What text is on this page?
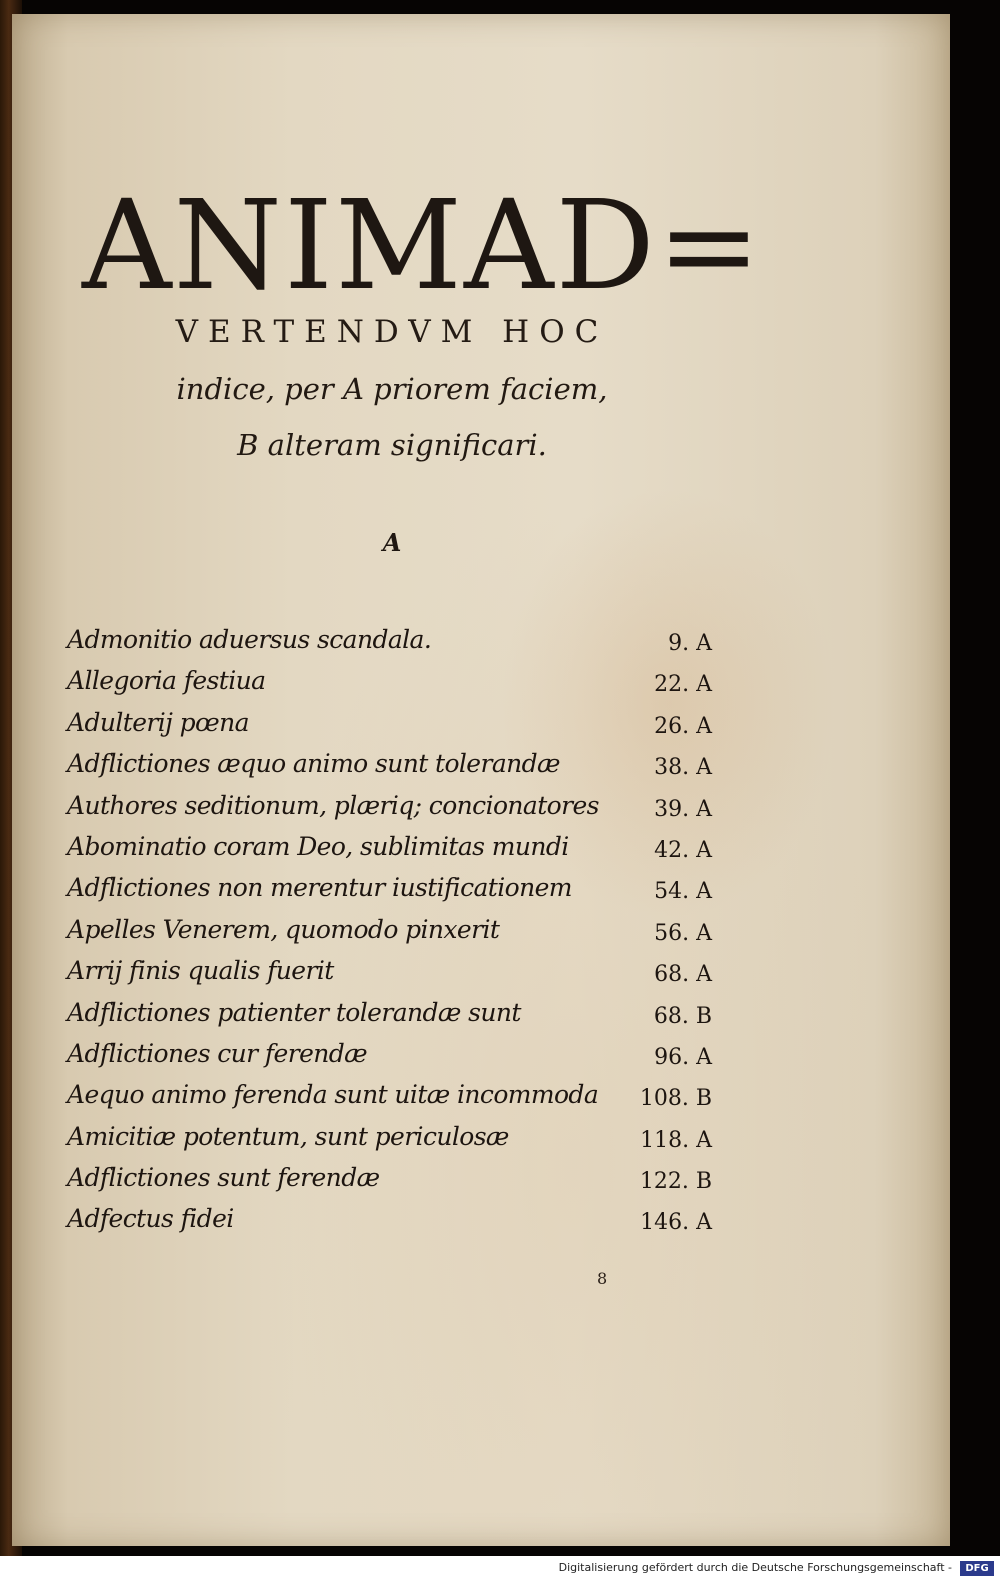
ANIMAD=
VERTENDVM HOC
indice, per A priorem faciem,
B alteram significari.
A
Admonitio aduersus scandala.	9. A
Allegoria festiua	22. A
Adulterij pœna	26. A
Adflictiones æquo animo sunt tolerandæ	38. A
Authores seditionum, plæriq; concionatores	39. A
Abominatio coram Deo, sublimitas mundi	42. A
Adflictiones non merentur iustificationem	54. A
Apelles Venerem, quomodo pinxerit	56. A
Arrij finis qualis fuerit	68. A
Adflictiones patienter tolerandæ sunt	68. B
Adflictiones cur ferendæ	96. A
Aequo animo ferenda sunt uitæ incommoda	108. B
Amicitiæ potentum, sunt periculosæ	118. A
Adflictiones sunt ferendæ	122. B
Adfectus fidei	146. A
8
Digitalisierung gefördert durch die Deutsche Forschungsgemeinschaft -	DFG
